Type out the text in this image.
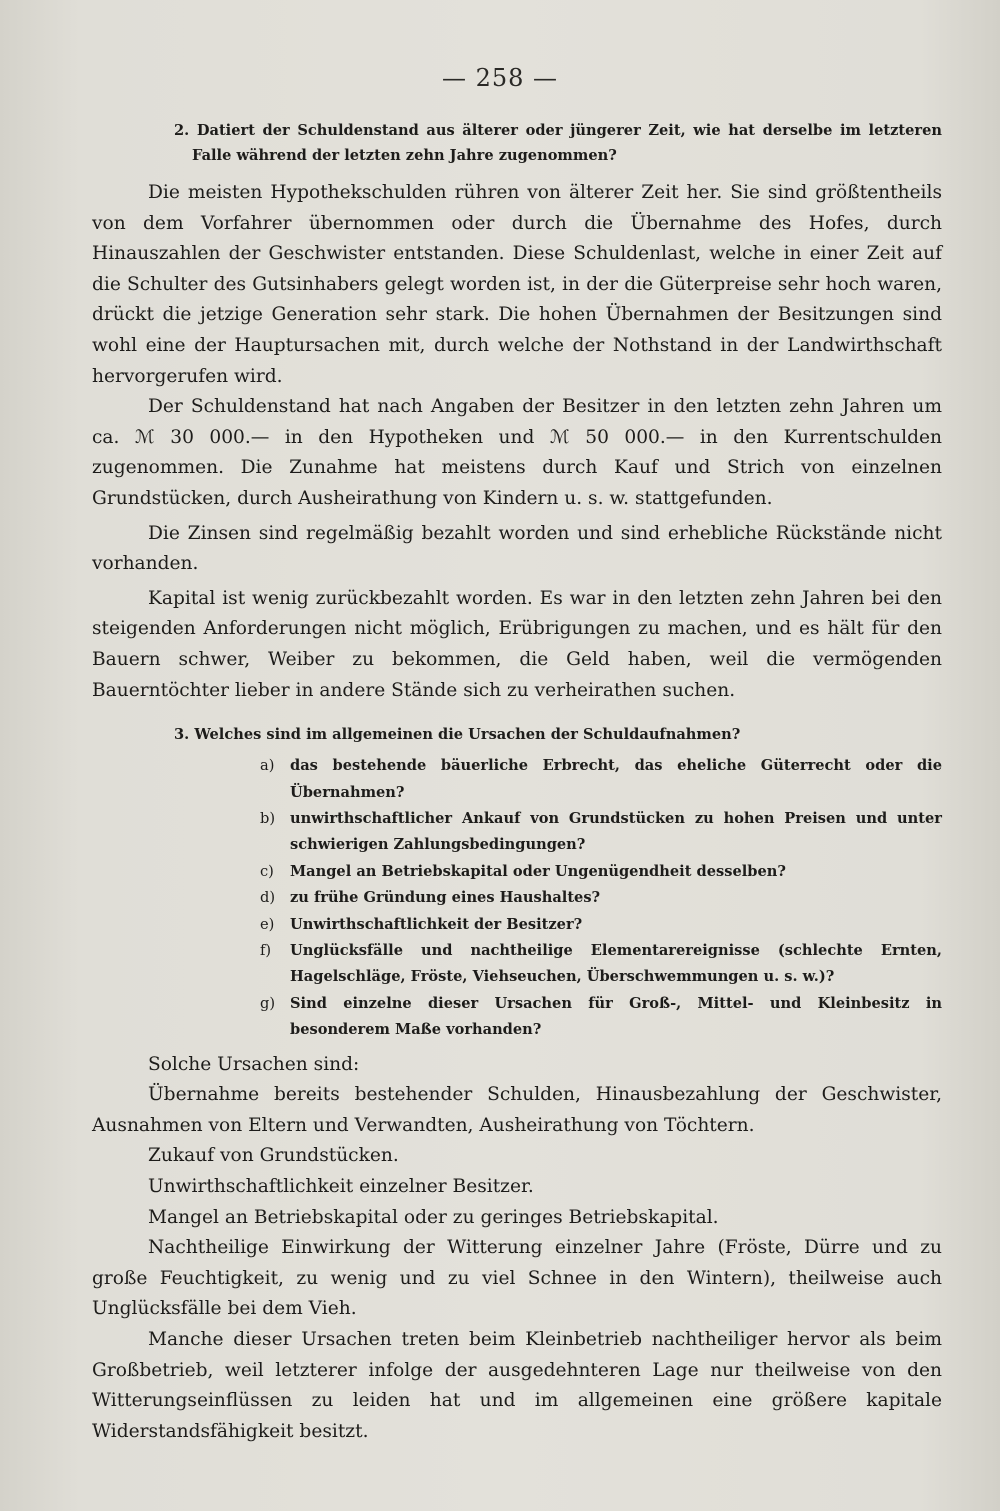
— 258 —

2. Datiert der Schuldenstand aus älterer oder jüngerer Zeit, wie hat derselbe im letzteren Falle während der letzten zehn Jahre zugenommen?

Die meisten Hypothekschulden rühren von älterer Zeit her. Sie sind größtentheils von dem Vorfahrer übernommen oder durch die Übernahme des Hofes, durch Hinauszahlen der Geschwister entstanden. Diese Schuldenlast, welche in einer Zeit auf die Schulter des Gutsinhabers gelegt worden ist, in der die Güterpreise sehr hoch waren, drückt die jetzige Generation sehr stark. Die hohen Übernahmen der Besitzungen sind wohl eine der Hauptursachen mit, durch welche der Nothstand in der Landwirthschaft hervorgerufen wird.

Der Schuldenstand hat nach Angaben der Besitzer in den letzten zehn Jahren um ca. ℳ 30 000.— in den Hypotheken und ℳ 50 000.— in den Kurrentschulden zugenommen. Die Zunahme hat meistens durch Kauf und Strich von einzelnen Grundstücken, durch Ausheirathung von Kindern u. s. w. stattgefunden.

Die Zinsen sind regelmäßig bezahlt worden und sind erhebliche Rückstände nicht vorhanden.

Kapital ist wenig zurückbezahlt worden. Es war in den letzten zehn Jahren bei den steigenden Anforderungen nicht möglich, Erübrigungen zu machen, und es hält für den Bauern schwer, Weiber zu bekommen, die Geld haben, weil die vermögenden Bauerntöchter lieber in andere Stände sich zu verheirathen suchen.

3. Welches sind im allgemeinen die Ursachen der Schuldaufnahmen?

a) das bestehende bäuerliche Erbrecht, das eheliche Güterrecht oder die Übernahmen?
b) unwirthschaftlicher Ankauf von Grundstücken zu hohen Preisen und unter schwierigen Zahlungsbedingungen?
c) Mangel an Betriebskapital oder Ungenügendheit desselben?
d) zu frühe Gründung eines Haushaltes?
e) Unwirthschaftlichkeit der Besitzer?
f) Unglücksfälle und nachtheilige Elementarereignisse (schlechte Ernten, Hagelschläge, Fröste, Viehseuchen, Überschwemmungen u. s. w.)?
g) Sind einzelne dieser Ursachen für Groß-, Mittel- und Kleinbesitz in besonderem Maße vorhanden?

Solche Ursachen sind:

Übernahme bereits bestehender Schulden, Hinausbezahlung der Geschwister, Ausnahmen von Eltern und Verwandten, Ausheirathung von Töchtern.

Zukauf von Grundstücken.

Unwirthschaftlichkeit einzelner Besitzer.

Mangel an Betriebskapital oder zu geringes Betriebskapital.

Nachtheilige Einwirkung der Witterung einzelner Jahre (Fröste, Dürre und zu große Feuchtigkeit, zu wenig und zu viel Schnee in den Wintern), theilweise auch Unglücksfälle bei dem Vieh.

Manche dieser Ursachen treten beim Kleinbetrieb nachtheiliger hervor als beim Großbetrieb, weil letzterer infolge der ausgedehnteren Lage nur theilweise von den Witterungseinflüssen zu leiden hat und im allgemeinen eine größere kapitale Widerstandsfähigkeit besitzt.
